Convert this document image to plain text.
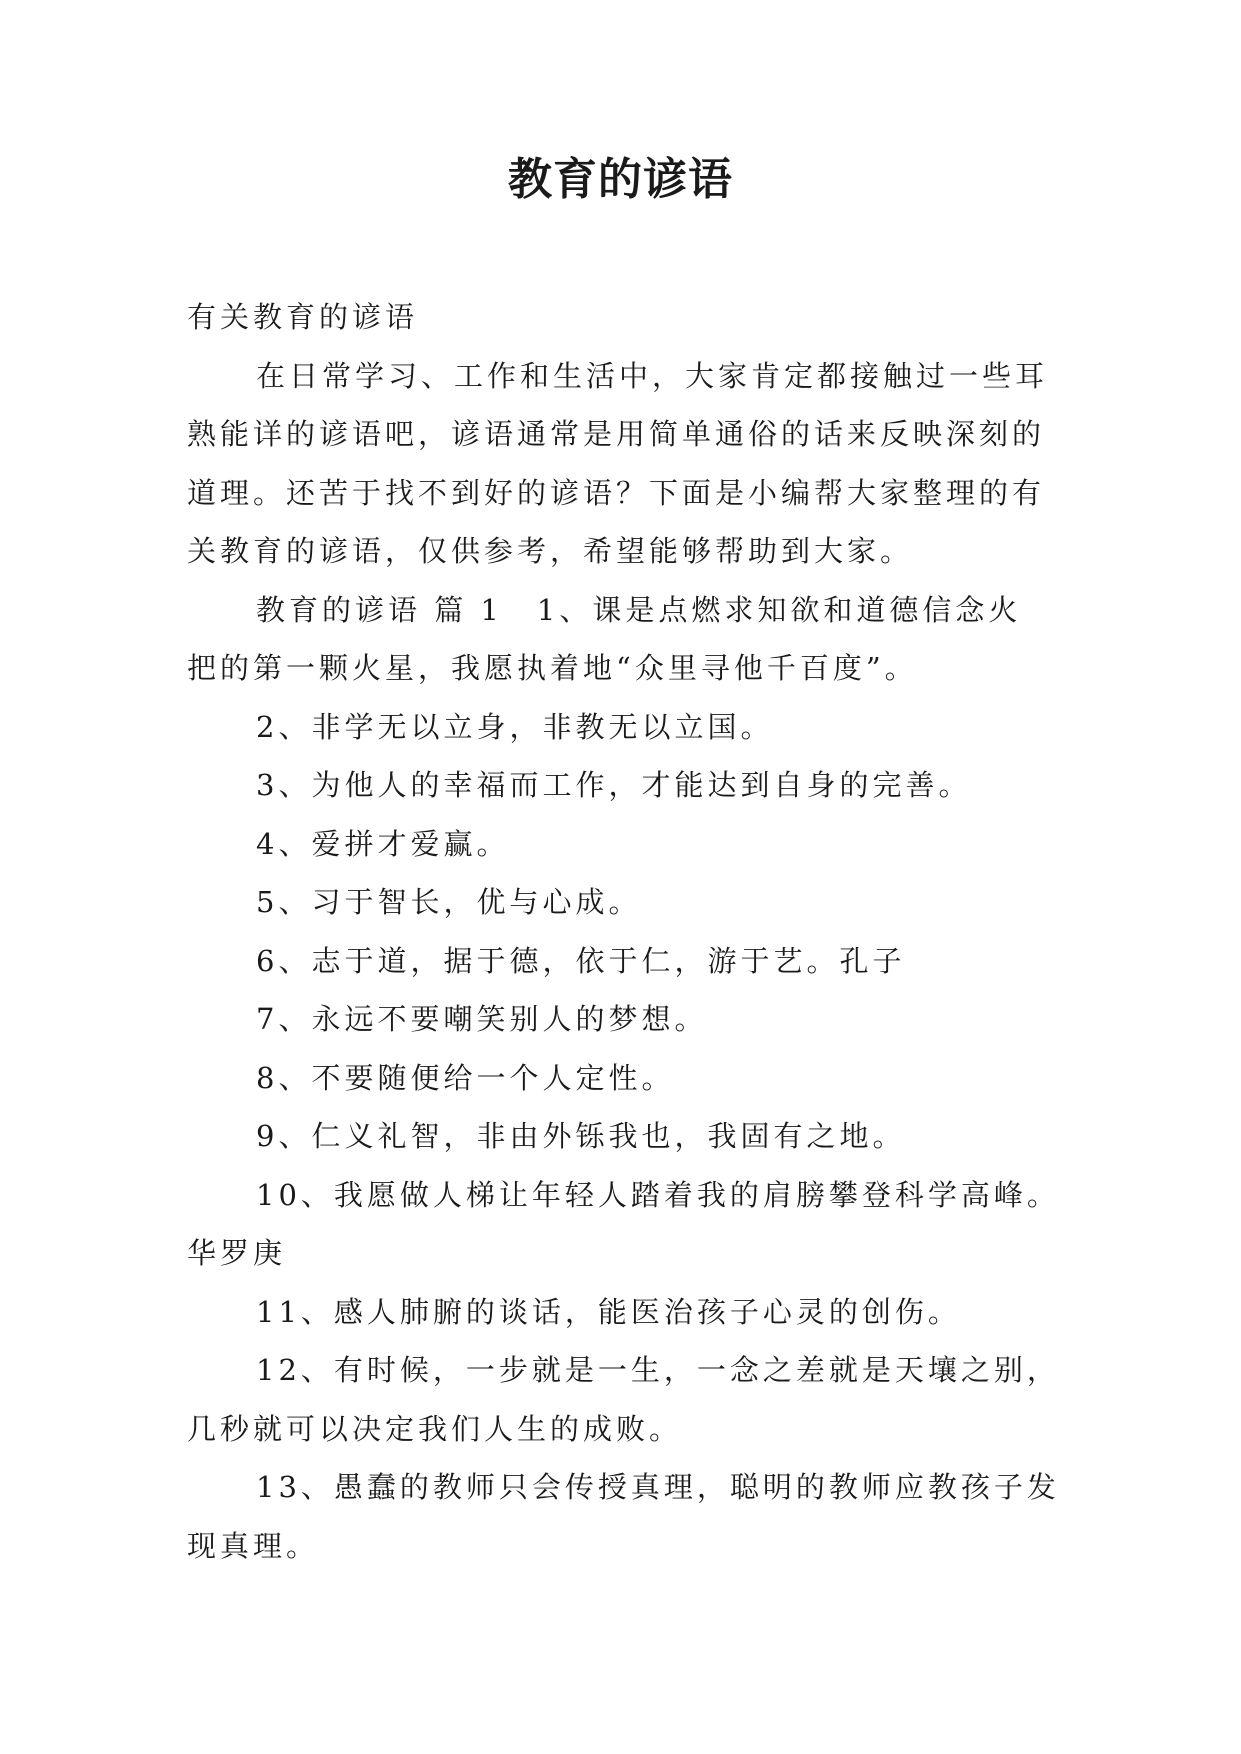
教育的谚语

有关教育的谚语

在日常学习、工作和生活中，大家肯定都接触过一些耳

熟能详的谚语吧，谚语通常是用简单通俗的话来反映深刻的

道理。还苦于找不到好的谚语？下面是小编帮大家整理的有

关教育的谚语，仅供参考，希望能够帮助到大家。

教育的谚语 篇 1 1、课是点燃求知欲和道德信念火

把的第一颗火星，我愿执着地“众里寻他千百度”。

2、非学无以立身，非教无以立国。

3、为他人的幸福而工作，才能达到自身的完善。

4、爱拼才爱赢。

5、习于智长，优与心成。

6、志于道，据于德，依于仁，游于艺。孔子

7、永远不要嘲笑别人的梦想。

8、不要随便给一个人定性。

9、仁义礼智，非由外铄我也，我固有之地。

10、我愿做人梯让年轻人踏着我的肩膀攀登科学高峰。

华罗庚

11、感人肺腑的谈话，能医治孩子心灵的创伤。

12、有时候，一步就是一生，一念之差就是天壤之别，

几秒就可以决定我们人生的成败。

13、愚蠢的教师只会传授真理，聪明的教师应教孩子发

现真理。
